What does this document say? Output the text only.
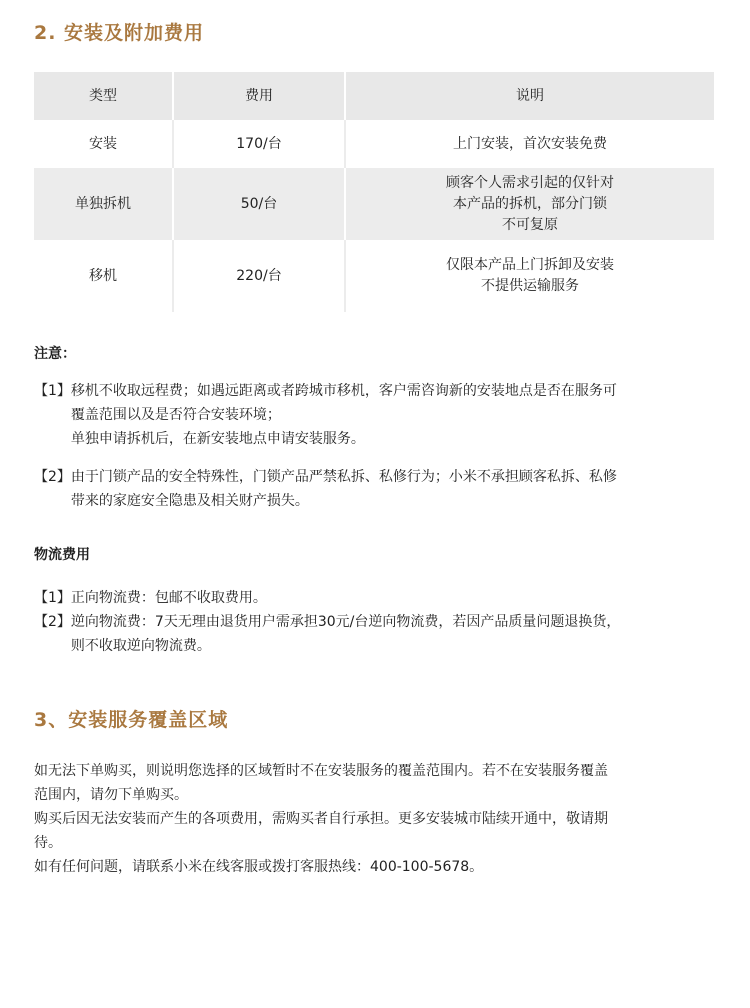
2. 安装及附加费用
类型	费用	说明
安装	170/台	上门安装，首次安装免费

单独拆机	50/台	顾客个人需求引起的仅针对
本产品的拆机，部分门锁
不可复原

移机	220/台	仅限本产品上门拆卸及安装
不提供运输服务
注意：
【1】 移机不收取远程费；如遇远距离或者跨城市移机，客户需咨询新的安装地点是否在服务可
覆盖范围以及是否符合安装环境；
单独申请拆机后，在新安装地点申请安装服务。
【2】 由于门锁产品的安全特殊性，门锁产品严禁私拆、私修行为；小米不承担顾客私拆、私修
带来的家庭安全隐患及相关财产损失。
物流费用
【1】 正向物流费：包邮不收取费用。
【2】 逆向物流费：7天无理由退货用户需承担30元/台逆向物流费，若因产品质量问题退换货，
则不收取逆向物流费。
3、安装服务覆盖区域

如无法下单购买，则说明您选择的区域暂时不在安装服务的覆盖范围内。若不在安装服务覆盖

范围内，请勿下单购买。

购买后因无法安装而产生的各项费用，需购买者自行承担。更多安装城市陆续开通中，敬请期

待。

如有任何问题，请联系小米在线客服或拨打客服热线：400-100-5678。
